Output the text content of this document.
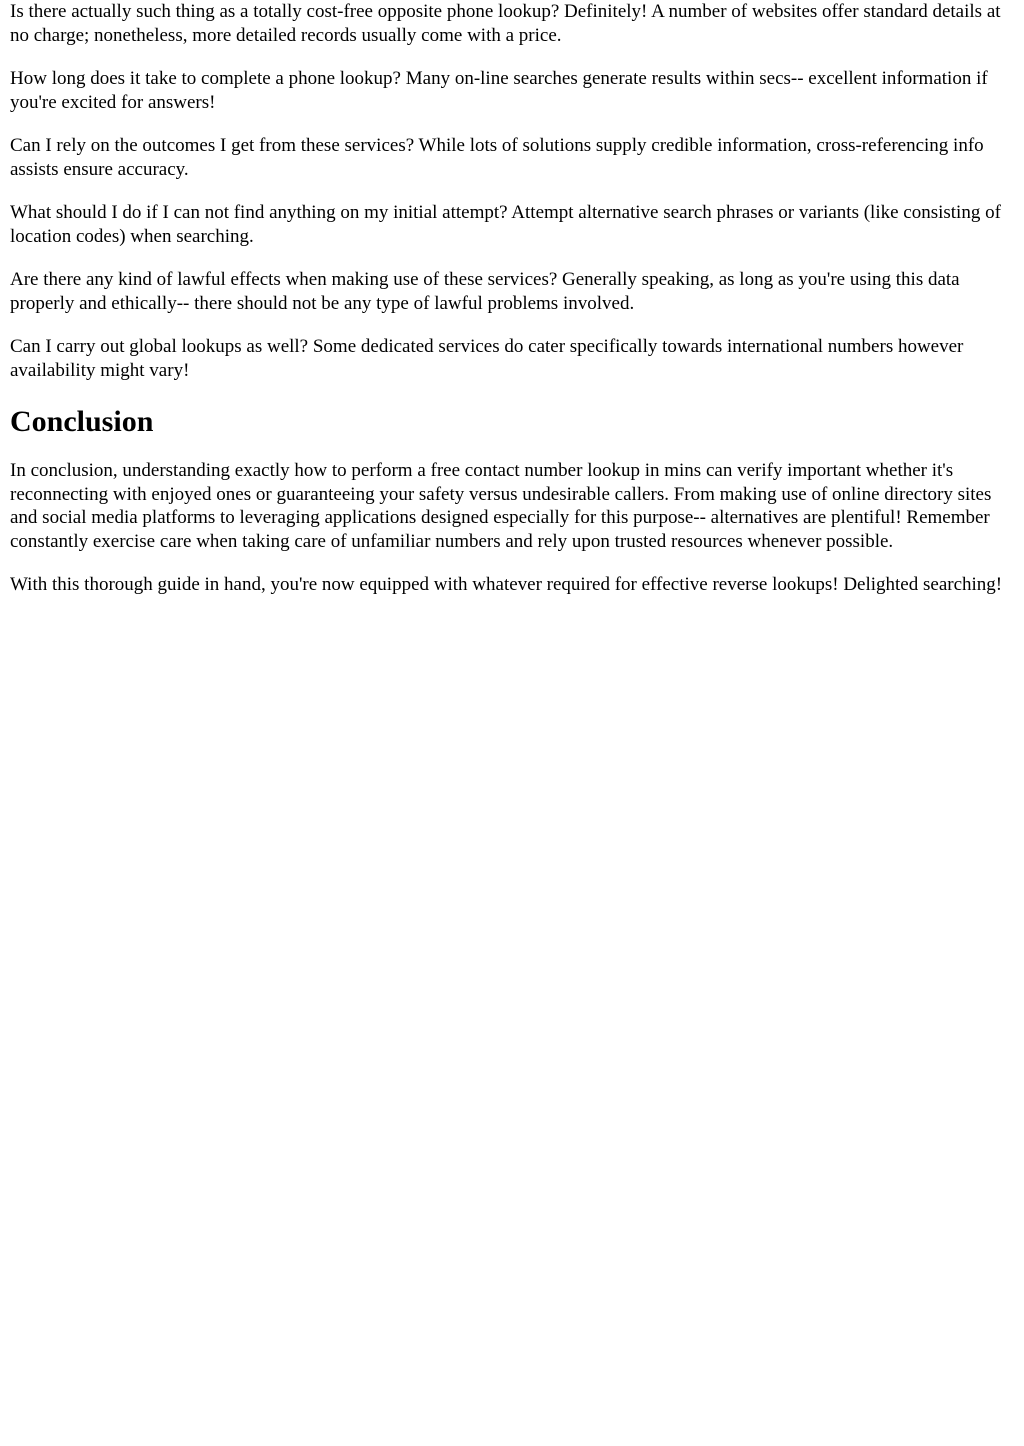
Is there actually such thing as a totally cost-free opposite phone lookup? Definitely! A number of websites offer standard details at no charge; nonetheless, more detailed records usually come with a price.

How long does it take to complete a phone lookup? Many on-line searches generate results within secs-- excellent information if you're excited for answers!

Can I rely on the outcomes I get from these services? While lots of solutions supply credible information, cross-referencing info assists ensure accuracy.

What should I do if I can not find anything on my initial attempt? Attempt alternative search phrases or variants (like consisting of location codes) when searching.

Are there any kind of lawful effects when making use of these services? Generally speaking, as long as you're using this data properly and ethically-- there should not be any type of lawful problems involved.

Can I carry out global lookups as well? Some dedicated services do cater specifically towards international numbers however availability might vary!

Conclusion

In conclusion, understanding exactly how to perform a free contact number lookup in mins can verify important whether it's reconnecting with enjoyed ones or guaranteeing your safety versus undesirable callers. From making use of online directory sites and social media platforms to leveraging applications designed especially for this purpose-- alternatives are plentiful! Remember constantly exercise care when taking care of unfamiliar numbers and rely upon trusted resources whenever possible.

With this thorough guide in hand, you're now equipped with whatever required for effective reverse lookups! Delighted searching!
